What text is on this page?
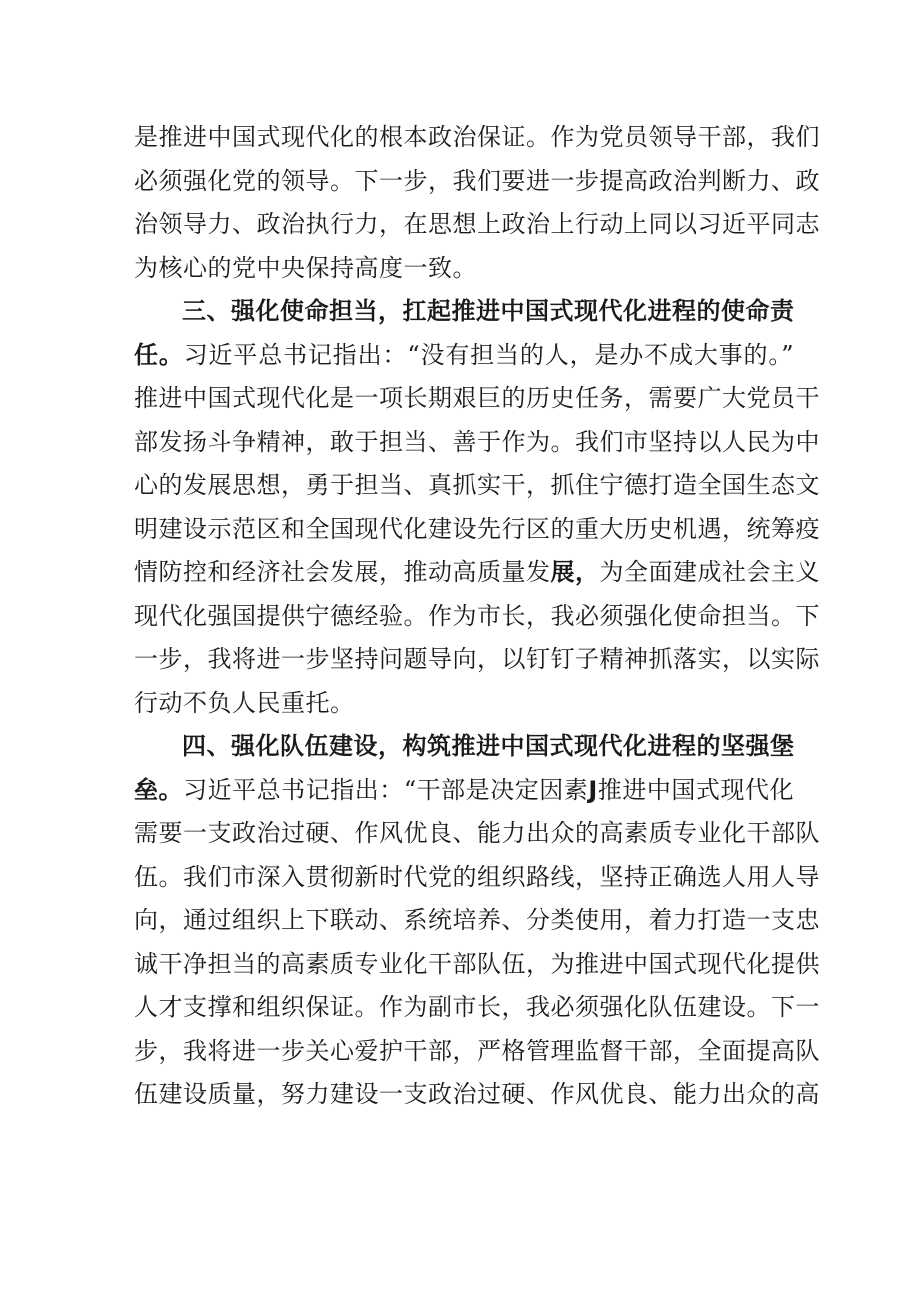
是推进中国式现代化的根本政治保证。作为党员领导干部，我们
必须强化党的领导。下一步，我们要进一步提高政治判断力、政
治领导力、政治执行力，在思想上政治上行动上同以习近平同志
为核心的党中央保持高度一致。
三、强化使命担当，扛起推进中国式现代化进程的使命责
任。习近平总书记指出：“没有担当的人，是办不成大事的。”
推进中国式现代化是一项长期艰巨的历史任务，需要广大党员干
部发扬斗争精神，敢于担当、善于作为。我们市坚持以人民为中
心的发展思想，勇于担当、真抓实干，抓住宁德打造全国生态文
明建设示范区和全国现代化建设先行区的重大历史机遇，统筹疫
情防控和经济社会发展，推动高质量发展，为全面建成社会主义
现代化强国提供宁德经验。作为市长，我必须强化使命担当。下
一步，我将进一步坚持问题导向，以钉钉子精神抓落实，以实际
行动不负人民重托。
四、强化队伍建设，构筑推进中国式现代化进程的坚强堡
垒。习近平总书记指出：“干部是决定因素J推进中国式现代化
需要一支政治过硬、作风优良、能力出众的高素质专业化干部队
伍。我们市深入贯彻新时代党的组织路线，坚持正确选人用人导
向，通过组织上下联动、系统培养、分类使用，着力打造一支忠
诚干净担当的高素质专业化干部队伍，为推进中国式现代化提供
人才支撑和组织保证。作为副市长，我必须强化队伍建设。下一
步，我将进一步关心爱护干部，严格管理监督干部，全面提高队
伍建设质量，努力建设一支政治过硬、作风优良、能力出众的高
